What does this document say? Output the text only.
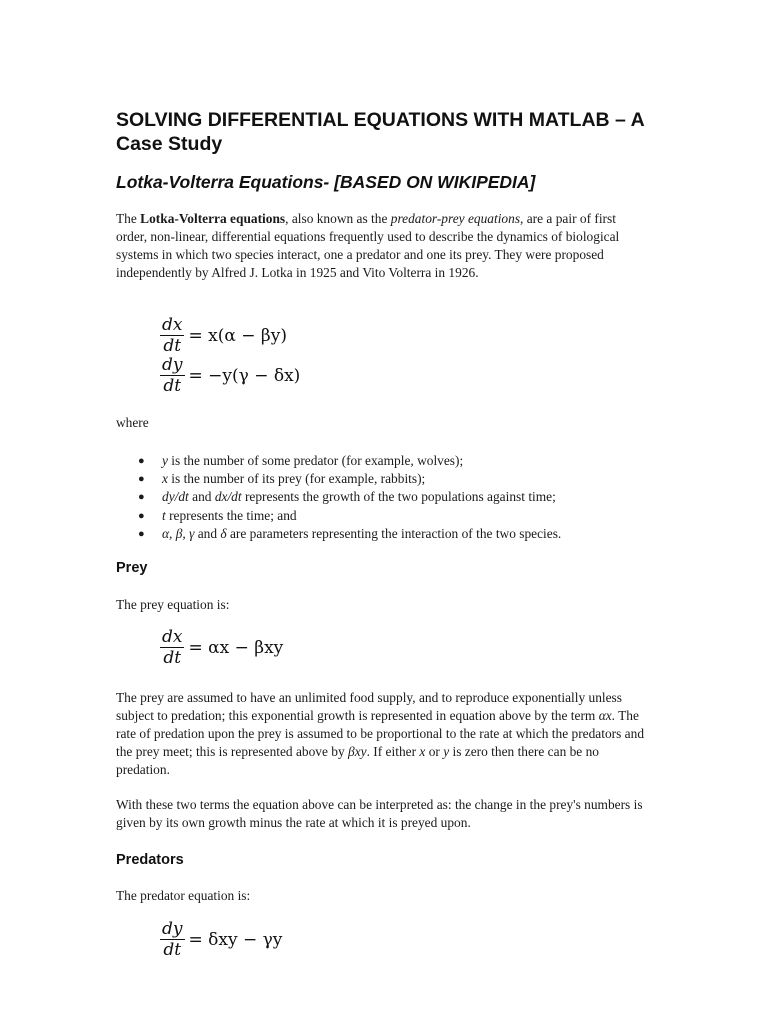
SOLVING DIFFERENTIAL EQUATIONS WITH MATLAB – A Case Study
Lotka-Volterra Equations- [BASED ON WIKIPEDIA]

The Lotka-Volterra equations, also known as the predator-prey equations, are a pair of first order, non-linear, differential equations frequently used to describe the dynamics of biological systems in which two species interact, one a predator and one its prey. They were proposed independently by Alfred J. Lotka in 1925 and Vito Volterra in 1926.

$\frac{dx}{dt} = x(\alpha - \beta y)$
$\frac{dy}{dt} = -y(\gamma - \delta x)$

where

● y is the number of some predator (for example, wolves);
● x is the number of its prey (for example, rabbits);
● dy/dt and dx/dt represents the growth of the two populations against time;
● t represents the time; and
● α, β, γ and δ are parameters representing the interaction of the two species.
Prey

The prey equation is:

$\frac{dx}{dt} = \alpha x - \beta xy$

The prey are assumed to have an unlimited food supply, and to reproduce exponentially unless subject to predation; this exponential growth is represented in equation above by the term αx. The rate of predation upon the prey is assumed to be proportional to the rate at which the predators and the prey meet; this is represented above by βxy. If either x or y is zero then there can be no predation.

With these two terms the equation above can be interpreted as: the change in the prey's numbers is given by its own growth minus the rate at which it is preyed upon.

Predators

The predator equation is:

$\frac{dy}{dt} = \delta xy - \gamma y$
